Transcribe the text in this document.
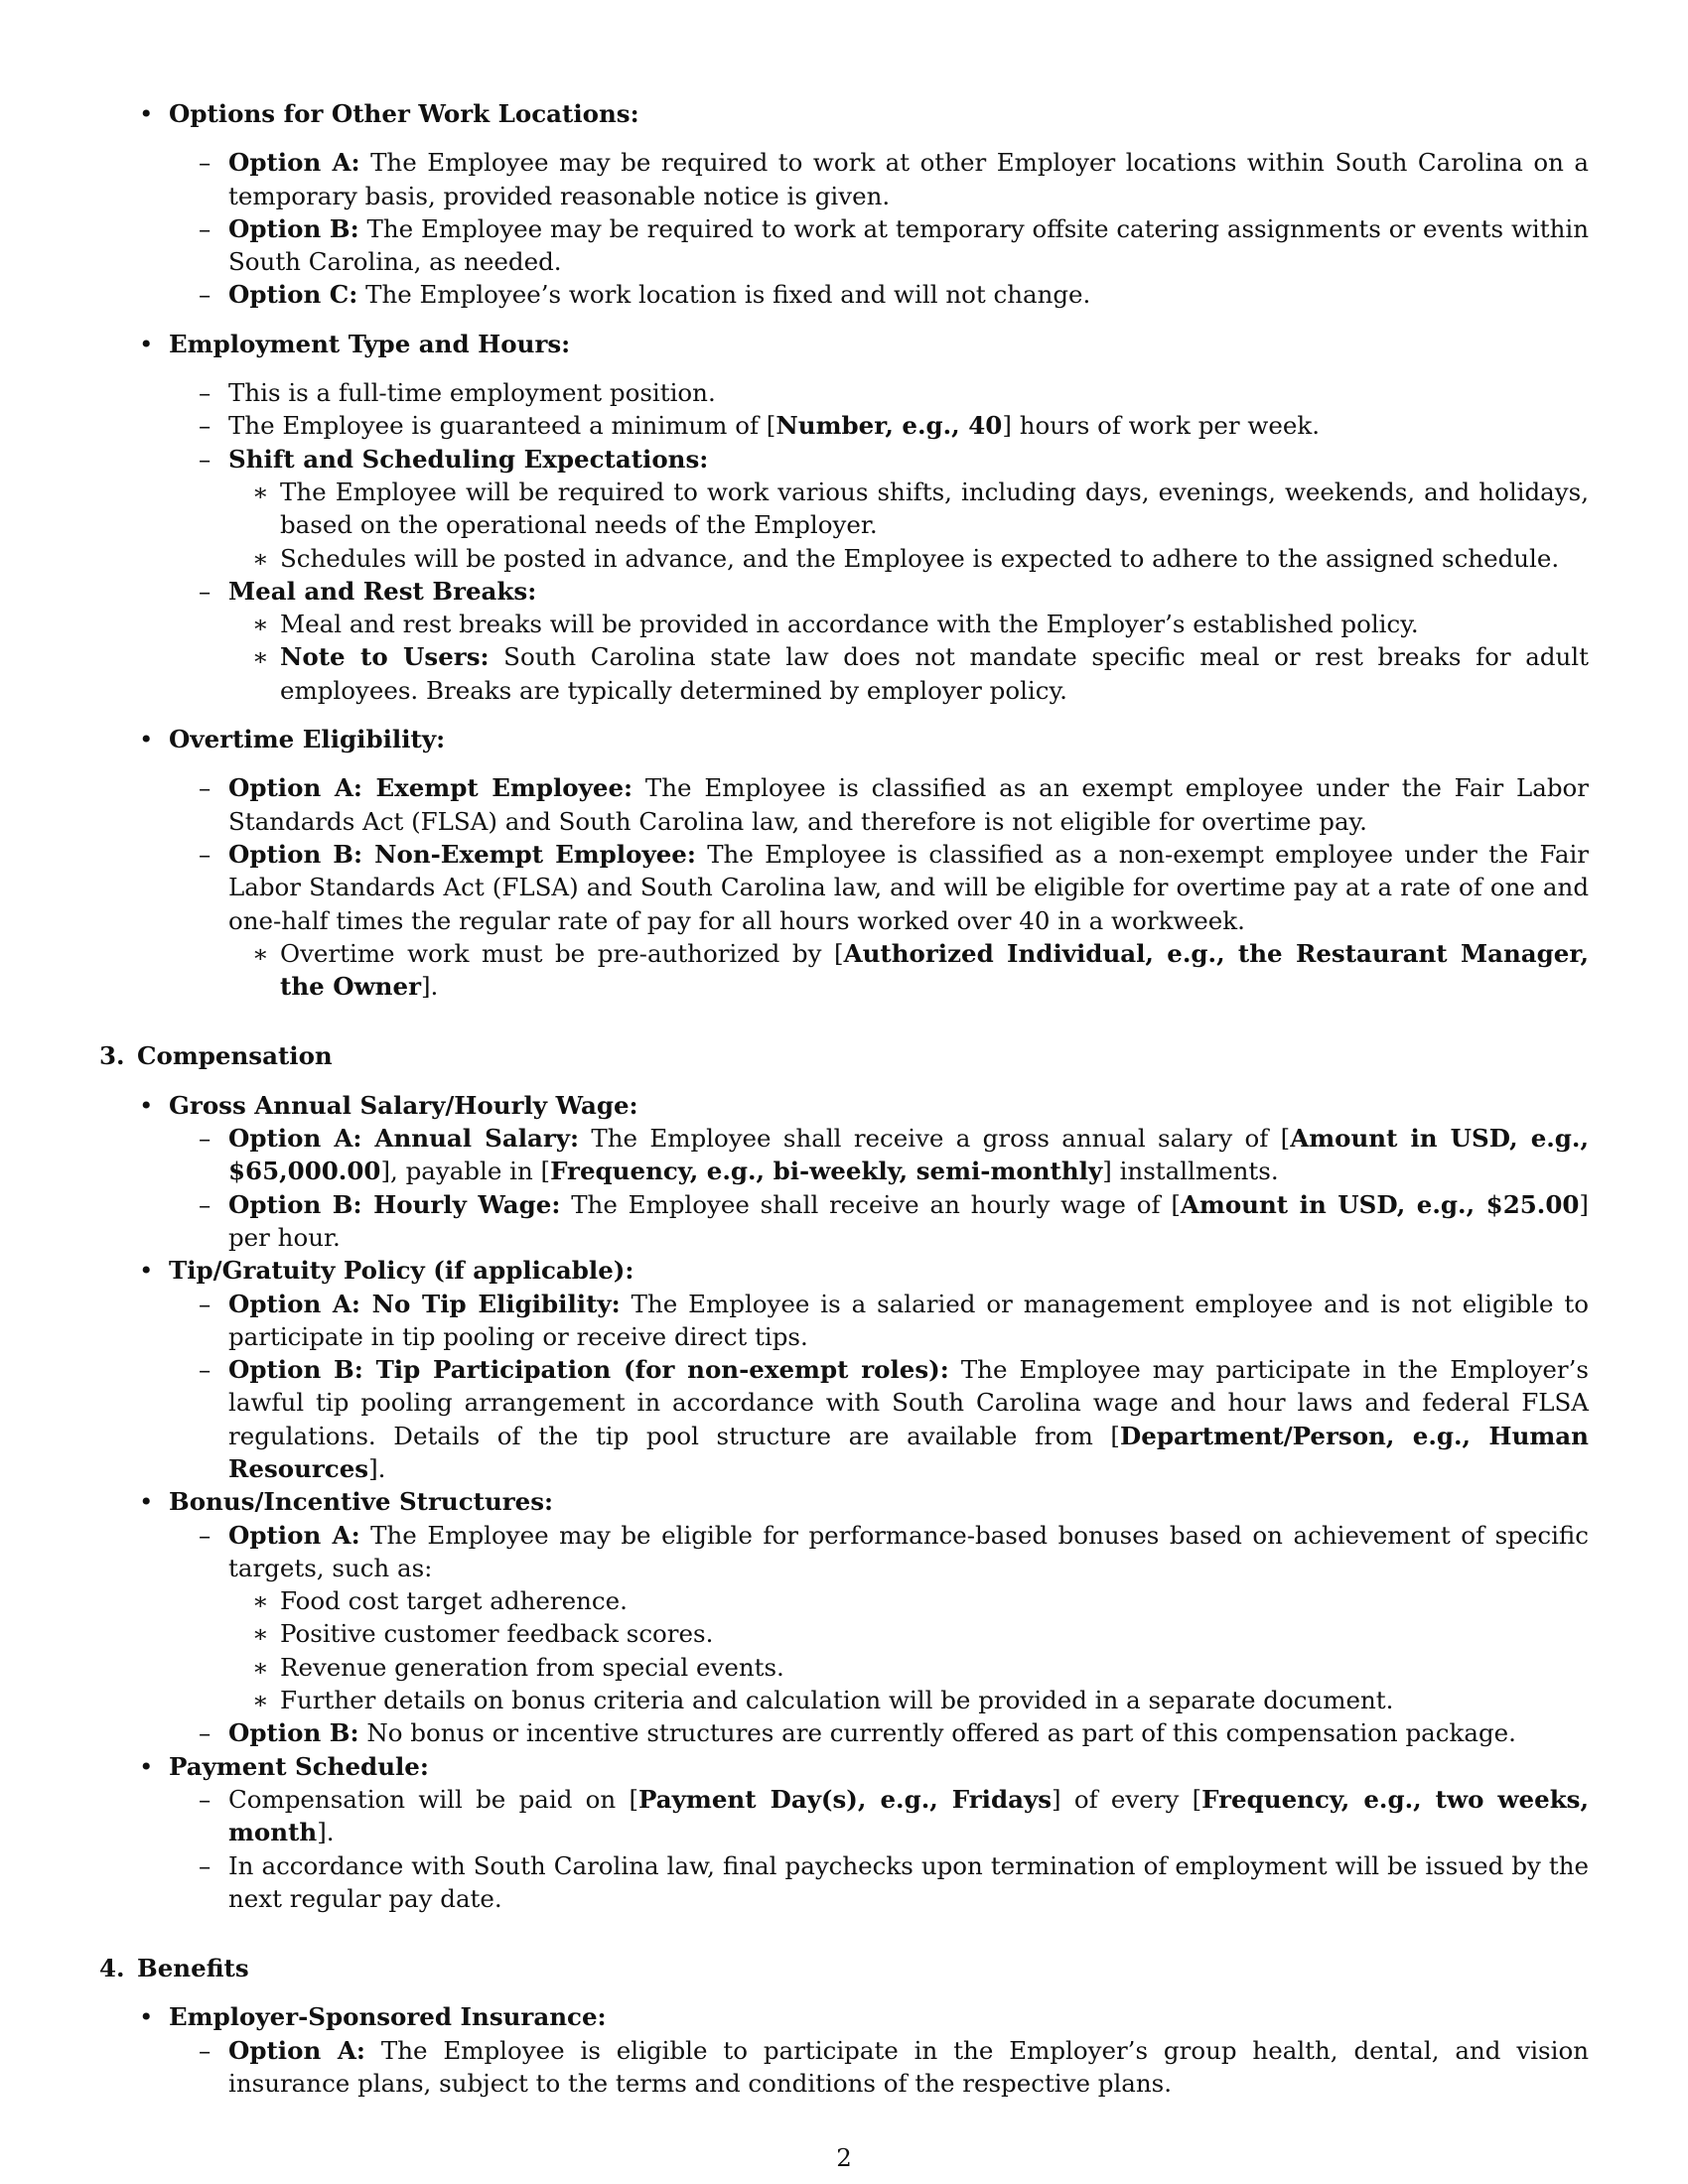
• Options for Other Work Locations:
– Option A: The Employee may be required to work at other Employer locations within South Carolina on a temporary basis, provided reasonable notice is given.
– Option B: The Employee may be required to work at temporary offsite catering assignments or events within South Carolina, as needed.
– Option C: The Employee’s work location is fixed and will not change.
• Employment Type and Hours:
– This is a full-time employment position.
– The Employee is guaranteed a minimum of [Number, e.g., 40] hours of work per week.
– Shift and Scheduling Expectations:
∗ The Employee will be required to work various shifts, including days, evenings, weekends, and holidays, based on the operational needs of the Employer.
∗ Schedules will be posted in advance, and the Employee is expected to adhere to the assigned schedule.
– Meal and Rest Breaks:
∗ Meal and rest breaks will be provided in accordance with the Employer’s established policy.
∗ Note to Users: South Carolina state law does not mandate specific meal or rest breaks for adult employees. Breaks are typically determined by employer policy.
• Overtime Eligibility:
– Option A: Exempt Employee: The Employee is classified as an exempt employee under the Fair Labor Standards Act (FLSA) and South Carolina law, and therefore is not eligible for overtime pay.
– Option B: Non-Exempt Employee: The Employee is classified as a non-exempt employee under the Fair Labor Standards Act (FLSA) and South Carolina law, and will be eligible for overtime pay at a rate of one and one-half times the regular rate of pay for all hours worked over 40 in a workweek.
∗ Overtime work must be pre-authorized by [Authorized Individual, e.g., the Restaurant Manager, the Owner].
3. Compensation
• Gross Annual Salary/Hourly Wage:
– Option A: Annual Salary: The Employee shall receive a gross annual salary of [Amount in USD, e.g., $65,000.00], payable in [Frequency, e.g., bi-weekly, semi-monthly] installments.
– Option B: Hourly Wage: The Employee shall receive an hourly wage of [Amount in USD, e.g., $25.00] per hour.
• Tip/Gratuity Policy (if applicable):
– Option A: No Tip Eligibility: The Employee is a salaried or management employee and is not eligible to participate in tip pooling or receive direct tips.
– Option B: Tip Participation (for non-exempt roles): The Employee may participate in the Employer’s lawful tip pooling arrangement in accordance with South Carolina wage and hour laws and federal FLSA regulations. Details of the tip pool structure are available from [Department/Person, e.g., Human Resources].
• Bonus/Incentive Structures:
– Option A: The Employee may be eligible for performance-based bonuses based on achievement of specific targets, such as:
∗ Food cost target adherence.
∗ Positive customer feedback scores.
∗ Revenue generation from special events.
∗ Further details on bonus criteria and calculation will be provided in a separate document.
– Option B: No bonus or incentive structures are currently offered as part of this compensation package.
• Payment Schedule:
– Compensation will be paid on [Payment Day(s), e.g., Fridays] of every [Frequency, e.g., two weeks, month].
– In accordance with South Carolina law, final paychecks upon termination of employment will be issued by the next regular pay date.
4. Benefits
• Employer-Sponsored Insurance:
– Option A: The Employee is eligible to participate in the Employer’s group health, dental, and vision insurance plans, subject to the terms and conditions of the respective plans.
2
